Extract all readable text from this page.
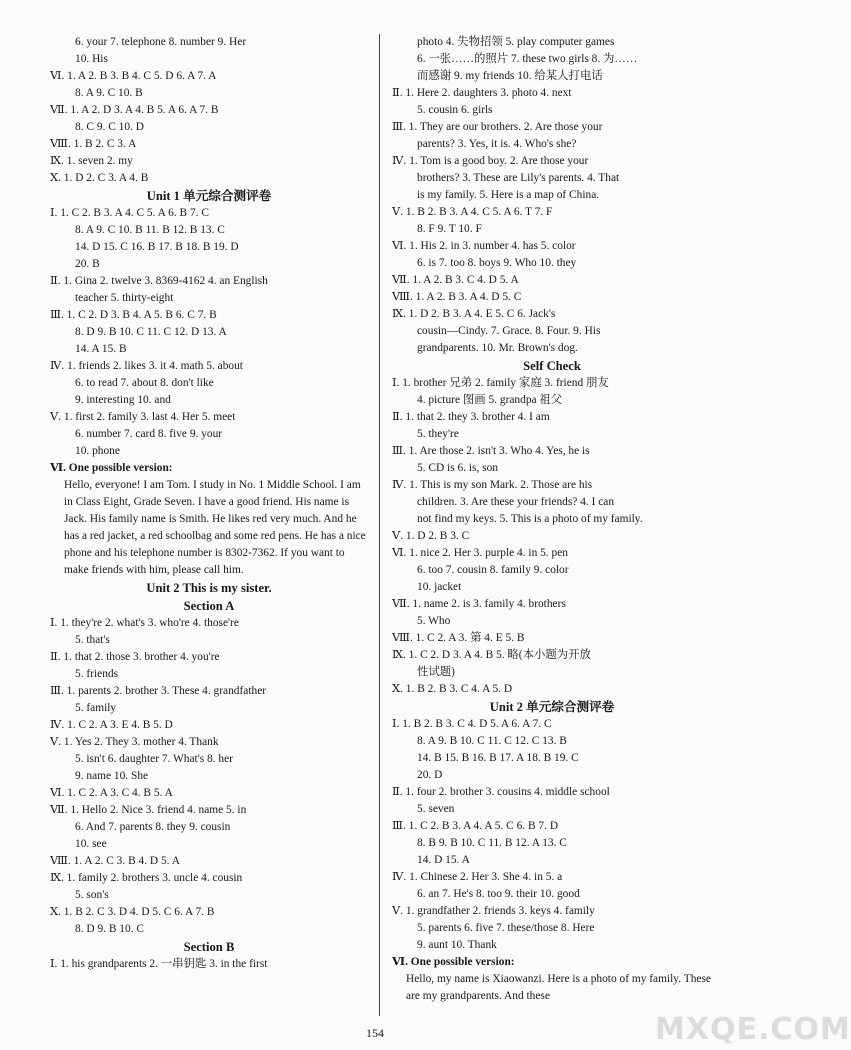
6. your 7. telephone 8. number 9. Her
10. His
Ⅵ. 1. A 2. B 3. B 4. C 5. D 6. A 7. A
8. A 9. C 10. B
Ⅶ. 1. A 2. D 3. A 4. B 5. A 6. A 7. B
8. C 9. C 10. D
Ⅷ. 1. B 2. C 3. A
Ⅸ. 1. seven 2. my
Ⅹ. 1. D 2. C 3. A 4. B
Unit 1 单元综合测评卷
Ⅰ. 1. C 2. B 3. A 4. C 5. A 6. B 7. C
8. A 9. C 10. B 11. B 12. B 13. C
14. D 15. C 16. B 17. B 18. B 19. D
20. B
Ⅱ. 1. Gina 2. twelve 3. 8369-4162 4. an English
teacher 5. thirty-eight
Ⅲ. 1. C 2. D 3. B 4. A 5. B 6. C 7. B
8. D 9. B 10. C 11. C 12. D 13. A
14. A 15. B
Ⅳ. 1. friends 2. likes 3. it 4. math 5. about
6. to read 7. about 8. don't like
9. interesting 10. and
Ⅴ. 1. first 2. family 3. last 4. Her 5. meet
6. number 7. card 8. five 9. your
10. phone
Ⅵ. One possible version:
Hello, everyone! I am Tom. I study in No. 1 Middle School. I am in Class Eight, Grade Seven. I have a good friend. His name is Jack. His family name is Smith. He likes red very much. And he has a red jacket, a red schoolbag and some red pens. He has a nice phone and his telephone number is 8302-7362. If you want to make friends with him, please call him.
Unit 2 This is my sister.
Section A
Ⅰ. 1. they're 2. what's 3. who're 4. those're
5. that's
Ⅱ. 1. that 2. those 3. brother 4. you're
5. friends
Ⅲ. 1. parents 2. brother 3. These 4. grandfather
5. family
Ⅳ. 1. C 2. A 3. E 4. B 5. D
Ⅴ. 1. Yes 2. They 3. mother 4. Thank
5. isn't 6. daughter 7. What's 8. her
9. name 10. She
Ⅵ. 1. C 2. A 3. C 4. B 5. A
Ⅶ. 1. Hello 2. Nice 3. friend 4. name 5. in
6. And 7. parents 8. they 9. cousin
10. see
Ⅷ. 1. A 2. C 3. B 4. D 5. A
Ⅸ. 1. family 2. brothers 3. uncle 4. cousin
5. son's
Ⅹ. 1. B 2. C 3. D 4. D 5. C 6. A 7. B
8. D 9. B 10. C
Section B
Ⅰ. 1. his grandparents 2. 一串钥匙 3. in the first
photo 4. 失物招领 5. play computer games
6. 一张……的照片 7. these two girls 8. 为……
而感谢 9. my friends 10. 给某人打电话
Ⅱ. 1. Here 2. daughters 3. photo 4. next
5. cousin 6. girls
Ⅲ. 1. They are our brothers. 2. Are those your
parents? 3. Yes, it is. 4. Who's she?
Ⅳ. 1. Tom is a good boy. 2. Are those your
brothers? 3. These are Lily's parents. 4. That
is my family. 5. Here is a map of China.
Ⅴ. 1. B 2. B 3. A 4. C 5. A 6. T 7. F
8. F 9. T 10. F
Ⅵ. 1. His 2. in 3. number 4. has 5. color
6. is 7. too 8. boys 9. Who 10. they
Ⅶ. 1. A 2. B 3. C 4. D 5. A
Ⅷ. 1. A 2. B 3. A 4. D 5. C
Ⅸ. 1. D 2. B 3. A 4. E 5. C 6. Jack's
cousin—Cindy. 7. Grace. 8. Four. 9. His
grandparents. 10. Mr. Brown's dog.
Self Check
Ⅰ. 1. brother 兄弟 2. family 家庭 3. friend 朋友
4. picture 图画 5. grandpa 祖父
Ⅱ. 1. that 2. they 3. brother 4. I am
5. they're
Ⅲ. 1. Are those 2. isn't 3. Who 4. Yes, he is
5. CD is 6. is, son
Ⅳ. 1. This is my son Mark. 2. Those are his
children. 3. Are these your friends? 4. I can
not find my keys. 5. This is a photo of my family.
Ⅴ. 1. D 2. B 3. C
Ⅵ. 1. nice 2. Her 3. purple 4. in 5. pen
6. too 7. cousin 8. family 9. color
10. jacket
Ⅶ. 1. name 2. is 3. family 4. brothers
5. Who
Ⅷ. 1. C 2. A 3. 第 4. E 5. B
Ⅸ. 1. C 2. D 3. A 4. B 5. 略(本小题为开放
性试题)
Ⅹ. 1. B 2. B 3. C 4. A 5. D
Unit 2 单元综合测评卷
Ⅰ. 1. B 2. B 3. C 4. D 5. A 6. A 7. C
8. A 9. B 10. C 11. C 12. C 13. B
14. B 15. B 16. B 17. A 18. B 19. C
20. D
Ⅱ. 1. four 2. brother 3. cousins 4. middle school
5. seven
Ⅲ. 1. C 2. B 3. A 4. A 5. C 6. B 7. D
8. B 9. B 10. C 11. B 12. A 13. C
14. D 15. A
Ⅳ. 1. Chinese 2. Her 3. She 4. in 5. a
6. an 7. He's 8. too 9. their 10. good
Ⅴ. 1. grandfather 2. friends 3. keys 4. family
5. parents 6. five 7. these/those 8. Here
9. aunt 10. Thank
Ⅵ. One possible version:
Hello, my name is Xiaowanzi. Here is a photo of my family. These are my grandparents. And these
154	MXQE.COM
